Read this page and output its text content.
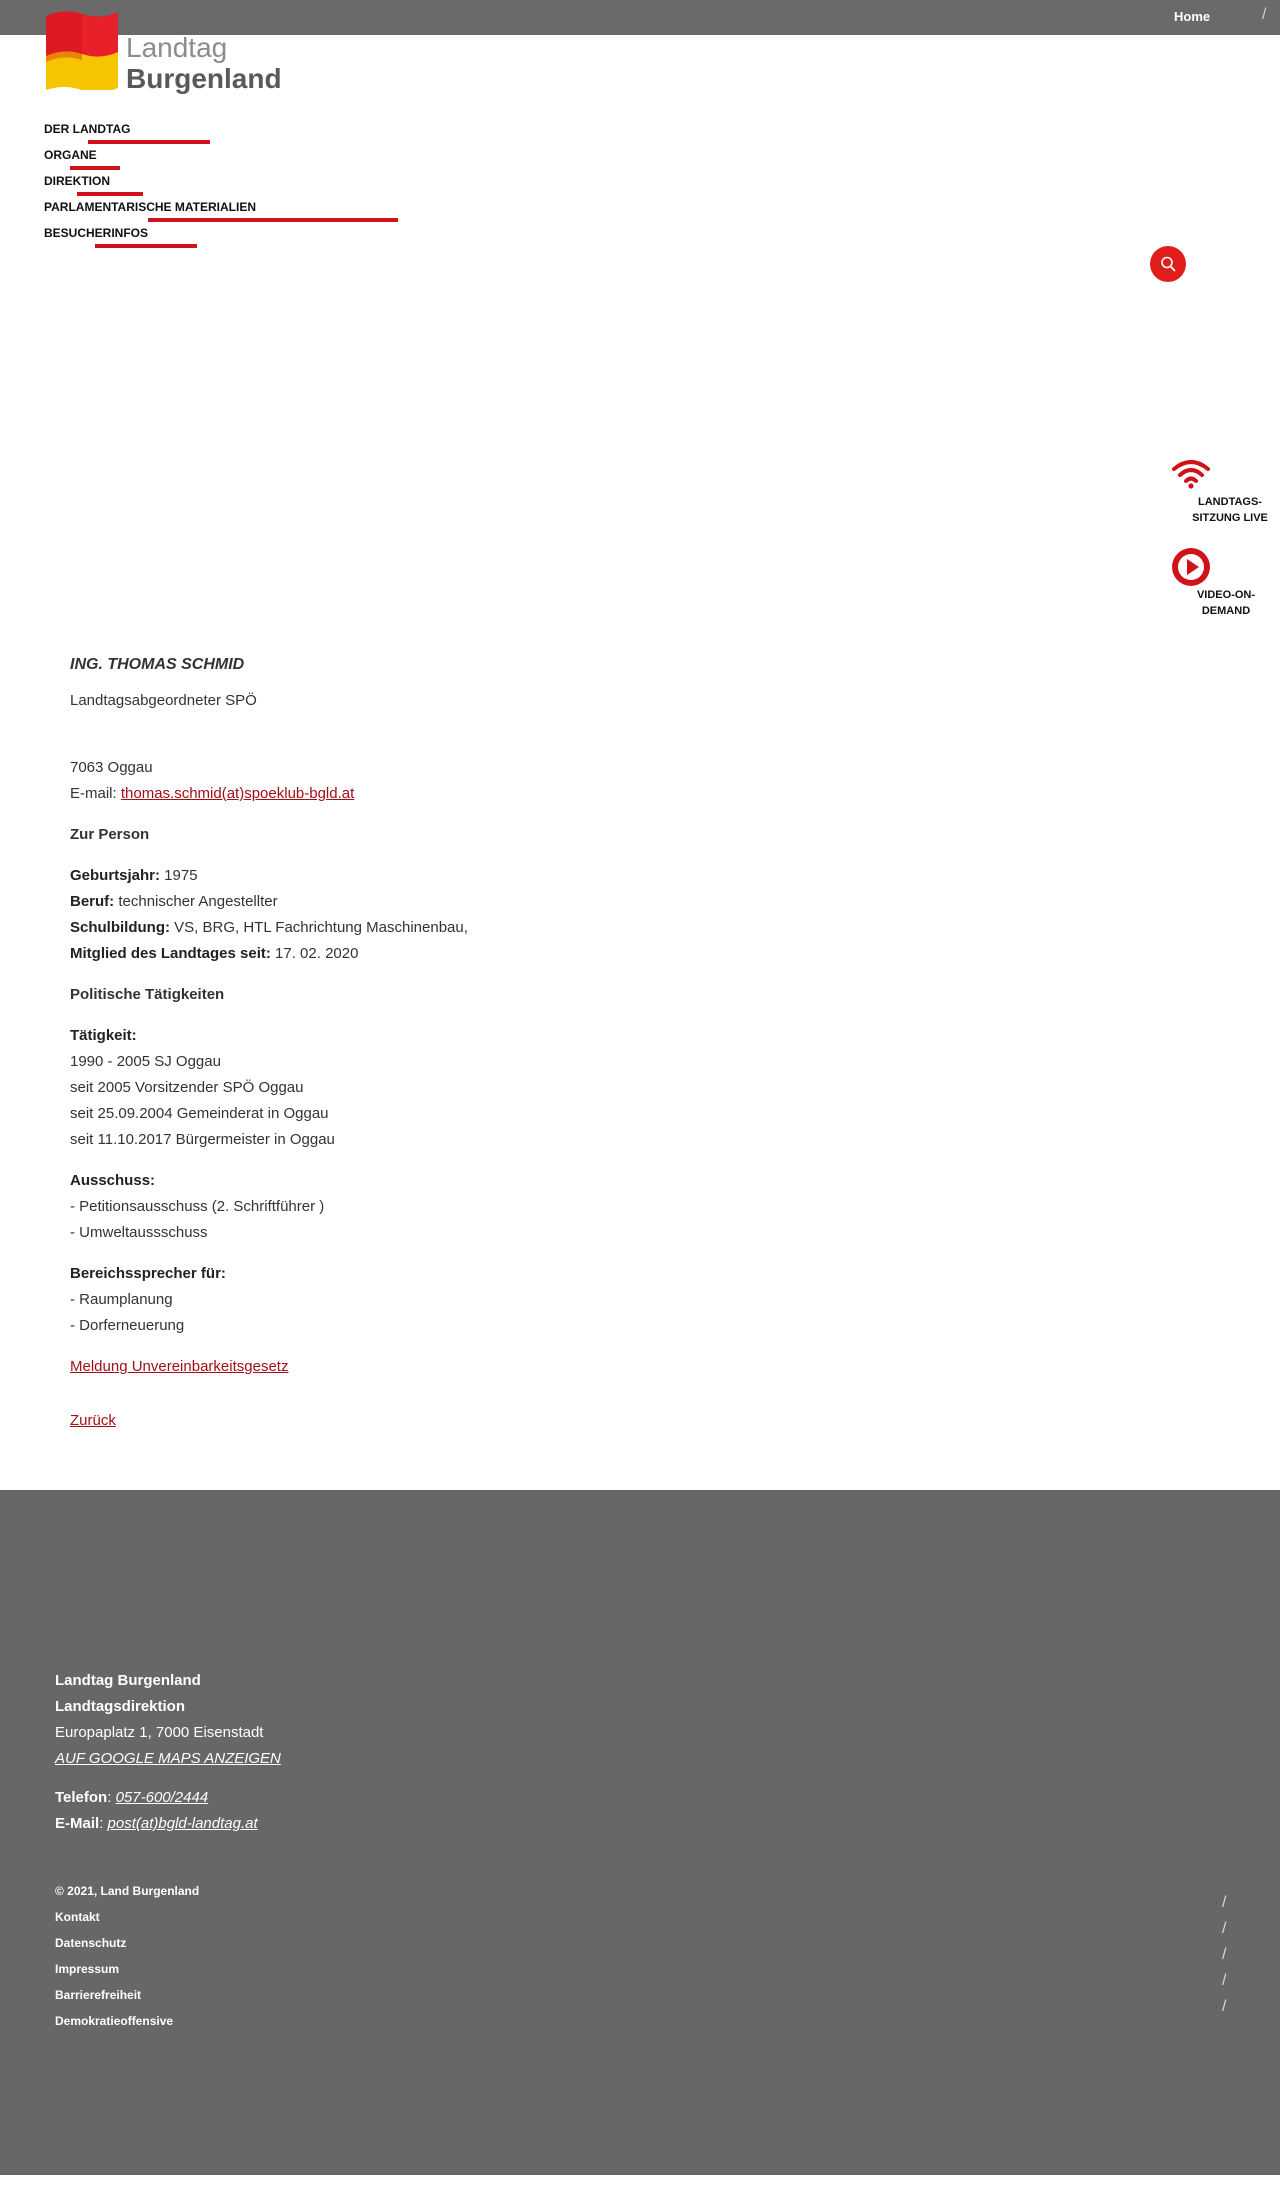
Home	/
Landtag
Burgenland
DER LANDTAG
ORGANE
DIREKTION
PARLAMENTARISCHE MATERIALIEN
BESUCHERINFOS
LANDTAGS-
SITZUNG LIVE
VIDEO-ON-
DEMAND

ING. THOMAS SCHMID

Landtagsabgeordneter SPÖ

7063 Oggau
E-mail: thomas.schmid(at)spoeklub-bgld.at

Zur Person

Geburtsjahr: 1975
Beruf: technischer Angestellter
Schulbildung: VS, BRG, HTL Fachrichtung Maschinenbau,
Mitglied des Landtages seit: 17. 02. 2020

Politische Tätigkeiten

Tätigkeit:
1990 - 2005 SJ Oggau
seit 2005 Vorsitzender SPÖ Oggau
seit 25.09.2004 Gemeinderat in Oggau
seit 11.10.2017 Bürgermeister in Oggau

Ausschuss:
- Petitionsausschuss (2. Schriftführer )
- Umweltaussschuss

Bereichssprecher für:
- Raumplanung
- Dorferneuerung

Meldung Unvereinbarkeitsgesetz

Zurück

Landtag Burgenland

Landtagsdirektion

Europaplatz 1, 7000 Eisenstadt

AUF GOOGLE MAPS ANZEIGEN

Telefon: 057-600/2444

E-Mail: post(at)bgld-landtag.at

© 2021, Land Burgenland
Kontakt
Datenschutz
Impressum
Barrierefreiheit
Demokratieoffensive
/
/
/
/
/
